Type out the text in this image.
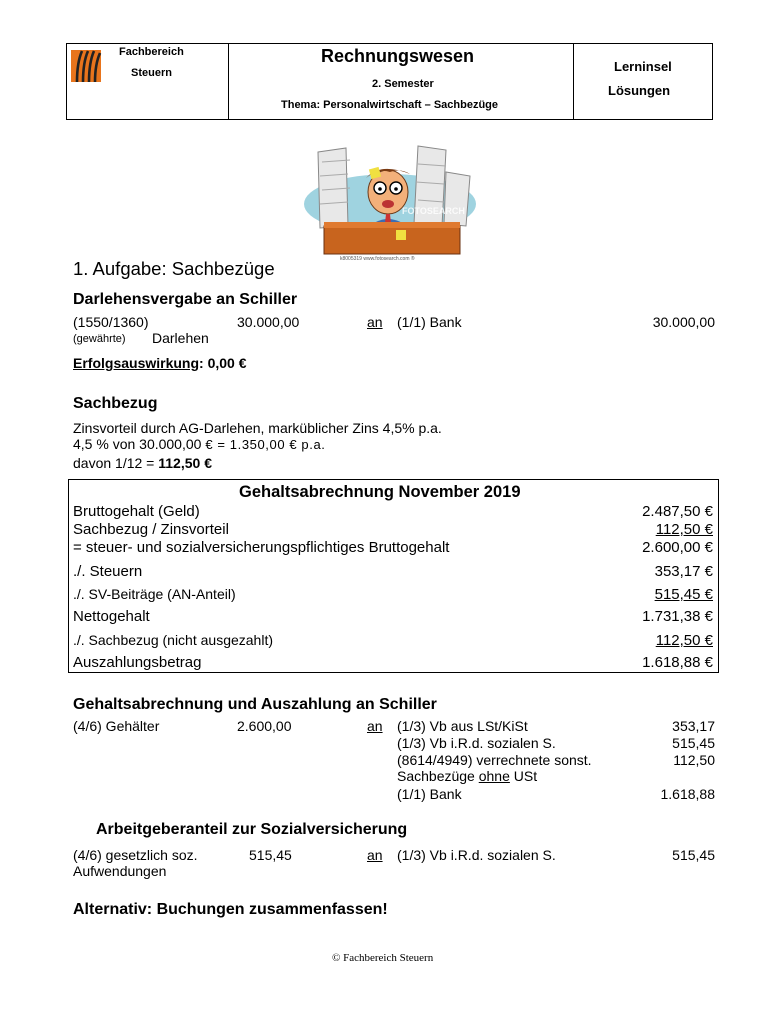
Fachbereich
Steuern
Rechnungswesen
2. Semester
Thema: Personalwirtschaft – Sachbezüge
Lerninsel
Lösungen
FOTOSEARCH
k8005319 www.fotosearch.com ®
1. Aufgabe: Sachbezüge
Darlehensvergabe an Schiller
(1550/1360)	30.000,00	an (1/1) Bank	30.000,00
(gewährte) Darlehen
Erfolgsauswirkung: 0,00 €
Sachbezug
Zinsvorteil durch AG-Darlehen, marküblicher Zins 4,5% p.a.
4,5 % von 30.000,00 € = 1.350,00 € p.a.
davon 1/12 = 112,50 €
Gehaltsabrechnung November 2019
Bruttogehalt (Geld)	2.487,50 €
Sachbezug / Zinsvorteil	112,50 €
= steuer- und sozialversicherungspflichtiges Bruttogehalt	2.600,00 €
./. Steuern	353,17 €
./. SV-Beiträge (AN-Anteil)	515,45 €
Nettogehalt	1.731,38 €
./. Sachbezug (nicht ausgezahlt)	112,50 €
Auszahlungsbetrag	1.618,88 €
Gehaltsabrechnung und Auszahlung an Schiller
(4/6) Gehälter	2.600,00	an (1/3) Vb aus LSt/KiSt	353,17
(1/3) Vb i.R.d. sozialen S.	515,45
(8614/4949) verrechnete sonst.	112,50
Sachbezüge ohne USt
(1/1) Bank	1.618,88
Arbeitgeberanteil zur Sozialversicherung
(4/6) gesetzlich soz.
Aufwendungen
515,45	an (1/3) Vb i.R.d. sozialen S.	515,45
Alternativ: Buchungen zusammenfassen!
© Fachbereich Steuern
